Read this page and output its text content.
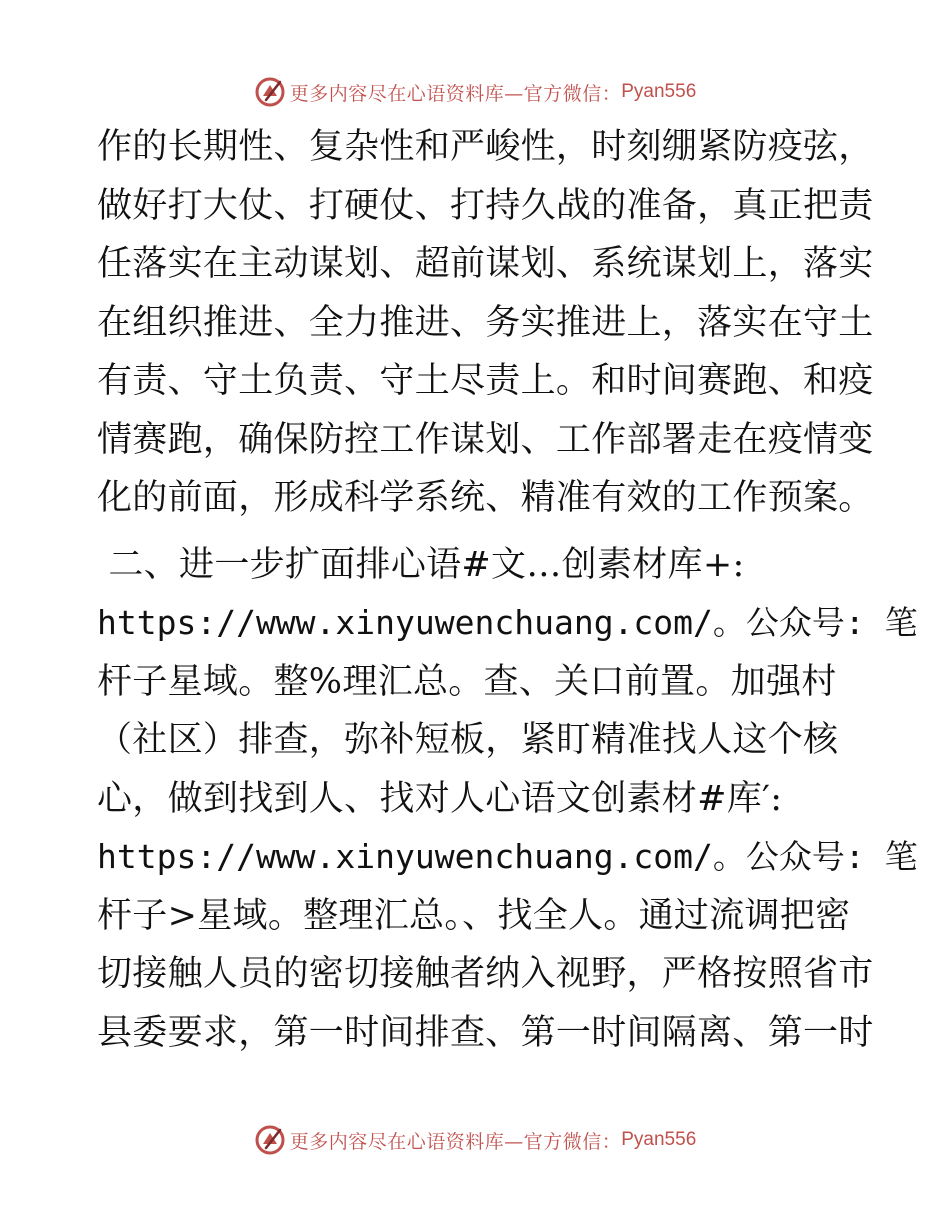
更多内容尽在心语资料库—官方微信： Pyan556
作的长期性、复杂性和严峻性，时刻绷紧防疫弦，
做好打大仗、打硬仗、打持久战的准备，真正把责
任落实在主动谋划、超前谋划、系统谋划上，落实
在组织推进、全力推进、务实推进上，落实在守土
有责、守土负责、守土尽责上。和时间赛跑、和疫
情赛跑，确保防控工作谋划、工作部署走在疫情变
化的前面，形成科学系统、精准有效的工作预案。
二、进一步扩面排心语#文…创素材库+:
https://www.xinyuwenchuang.com/。公众号: 笔
杆子星域。整%理汇总。查、关口前置。加强村
（社区）排查，弥补短板，紧盯精准找人这个核
心，做到找到人、找对人心语文创素材#库′:
https://www.xinyuwenchuang.com/。公众号: 笔
杆子>星域。整理汇总。、找全人。通过流调把密
切接触人员的密切接触者纳入视野，严格按照省市
县委要求，第一时间排查、第一时间隔离、第一时
更多内容尽在心语资料库—官方微信： Pyan556
